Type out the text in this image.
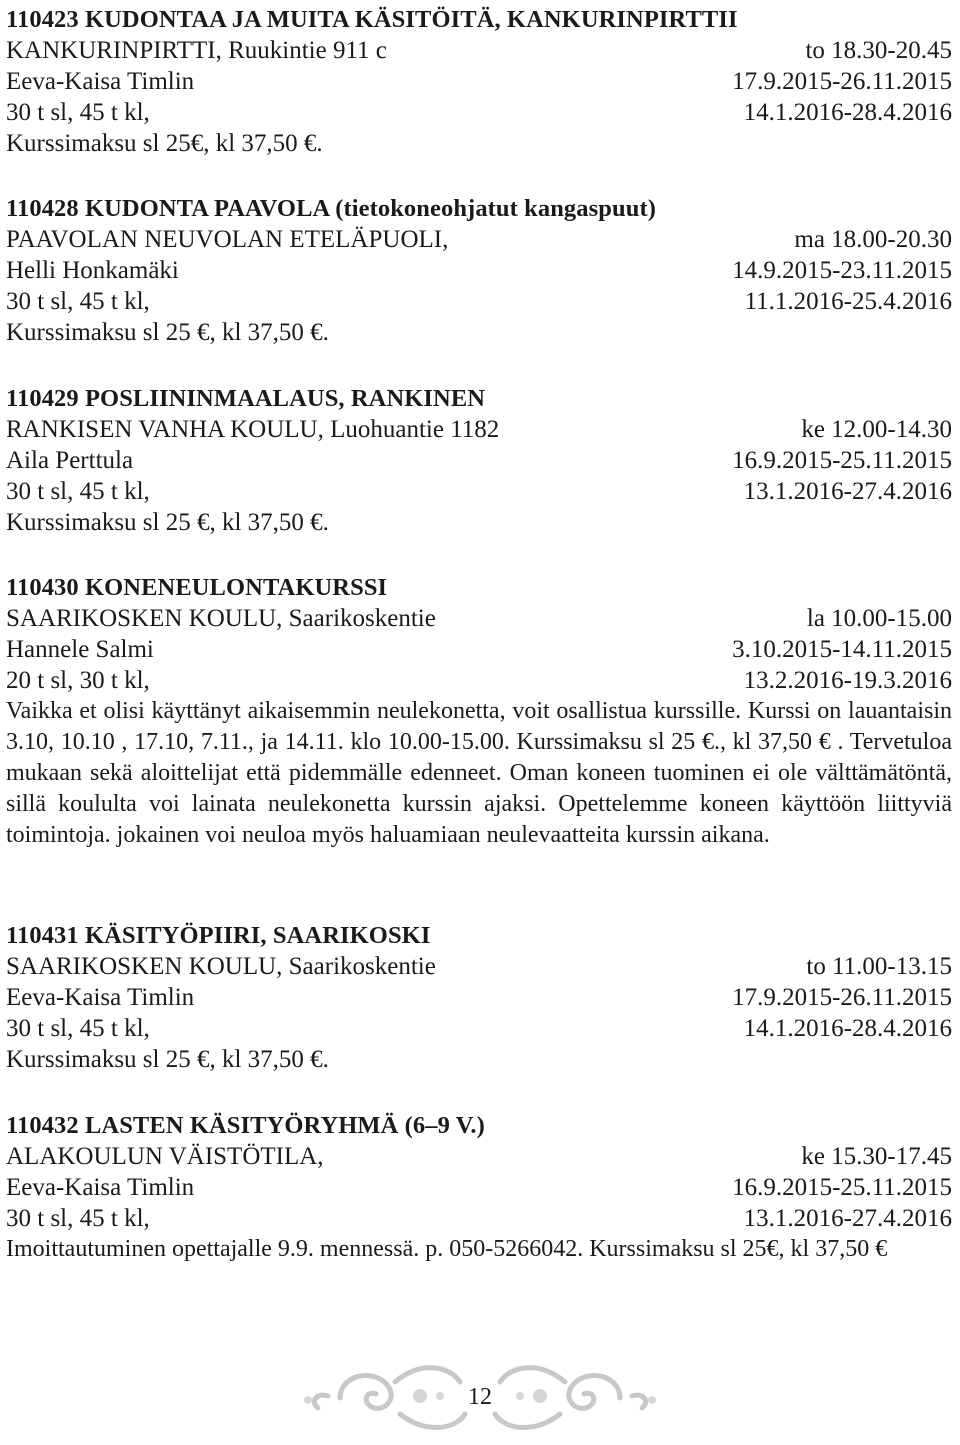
110423 KUDONTAA JA MUITA KÄSITÖITÄ, KANKURINPIRTTII
KANKURINPIRTTI, Ruukintie 911 c	to 18.30-20.45
Eeva-Kaisa Timlin	17.9.2015-26.11.2015
30 t sl, 45 t kl,	14.1.2016-28.4.2016
Kurssimaksu sl 25€, kl 37,50 €.
110428 KUDONTA PAAVOLA (tietokoneohjatut kangaspuut)
PAAVOLAN NEUVOLAN ETELÄPUOLI,	ma 18.00-20.30
Helli Honkamäki	14.9.2015-23.11.2015
30 t sl, 45 t kl,	11.1.2016-25.4.2016
Kurssimaksu sl 25 €, kl 37,50 €.
110429 POSLIININMAALAUS, RANKINEN
RANKISEN VANHA KOULU, Luohuantie 1182	ke 12.00-14.30
Aila Perttula	16.9.2015-25.11.2015
30 t sl, 45 t kl,	13.1.2016-27.4.2016
Kurssimaksu sl 25 €, kl 37,50 €.
110430 KONENEULONTAKURSSI
SAARIKOSKEN KOULU, Saarikoskentie	la 10.00-15.00
Hannele Salmi	3.10.2015-14.11.2015
20 t sl, 30 t kl,	13.2.2016-19.3.2016

Vaikka et olisi käyttänyt aikaisemmin neulekonetta, voit osallistua kurssille. Kurssi on lauantaisin 3.10, 10.10 , 17.10, 7.11., ja 14.11. klo 10.00-15.00. Kurssimaksu sl 25 €., kl 37,50 € . Tervetuloa mukaan sekä aloittelijat että pidemmälle edenneet. Oman koneen tuominen ei ole välttämätöntä, sillä koululta voi lainata neulekonetta kurssin ajaksi. Opettelemme koneen käyttöön liittyviä toimintoja. jokainen voi neuloa myös haluamiaan neulevaatteita kurssin aikana.

110431 KÄSITYÖPIIRI, SAARIKOSKI
SAARIKOSKEN KOULU, Saarikoskentie	to 11.00-13.15
Eeva-Kaisa Timlin	17.9.2015-26.11.2015
30 t sl, 45 t kl,	14.1.2016-28.4.2016
Kurssimaksu sl 25 €, kl 37,50 €.
110432 LASTEN KÄSITYÖRYHMÄ (6–9 V.)
ALAKOULUN VÄISTÖTILA,	ke 15.30-17.45
Eeva-Kaisa Timlin	16.9.2015-25.11.2015
30 t sl, 45 t kl,	13.1.2016-27.4.2016

Imoittautuminen opettajalle 9.9. mennessä. p. 050-5266042. Kurssimaksu sl 25€, kl 37,50 €

12
